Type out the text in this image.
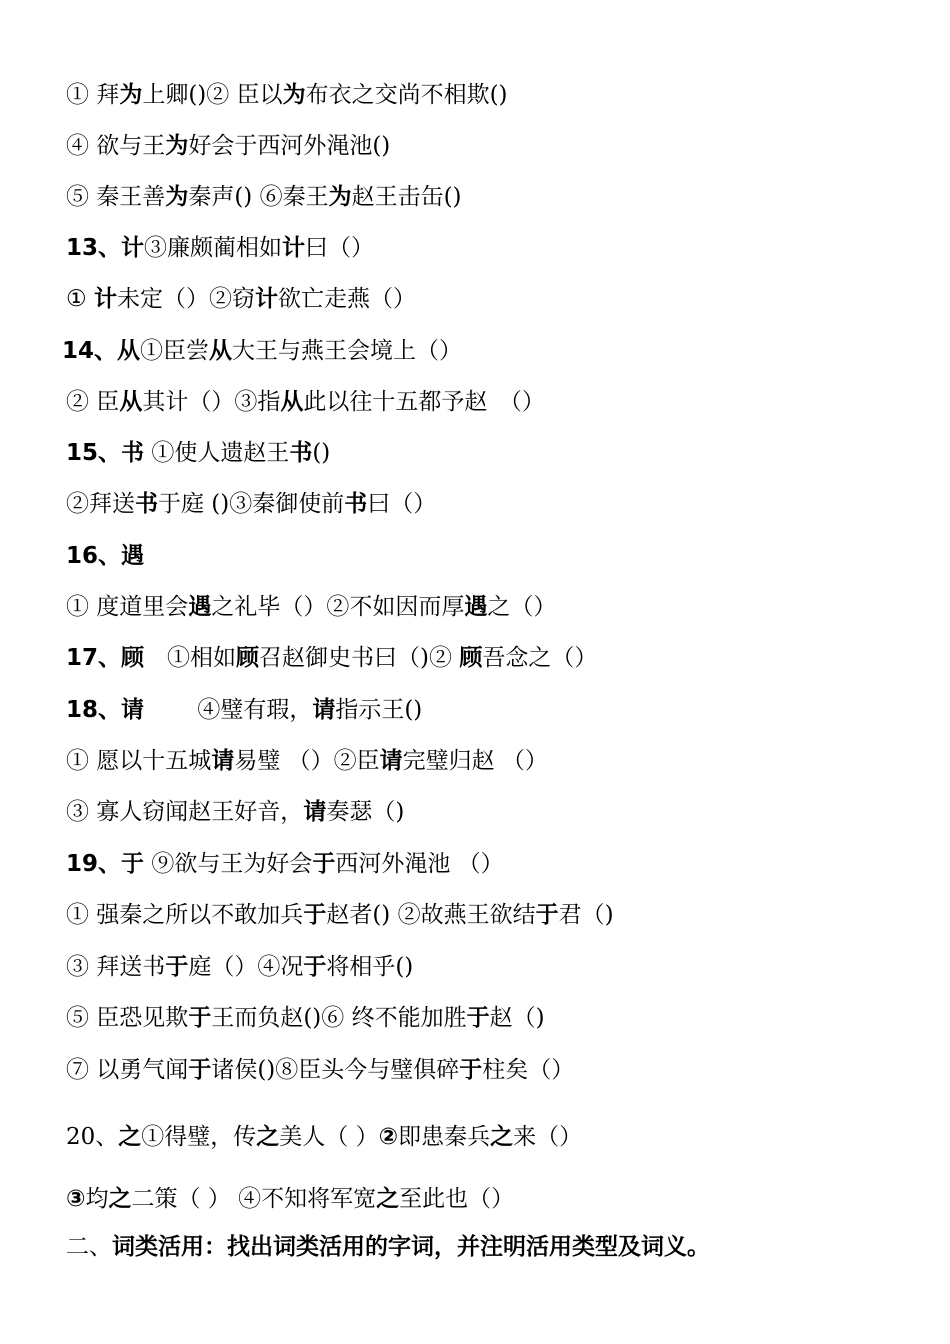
① 拜为上卿()② 臣以为布衣之交尚不相欺()
④ 欲与王为好会于西河外渑池()
⑤ 秦王善为秦声() ⑥秦王为赵王击缶()
13、计③廉颇蔺相如计曰（）
① 计未定（）②窃计欲亡走燕（）
14、从①臣尝从大王与燕王会境上（）
② 臣从其计（）③指从此以往十五都予赵　（）
15、书 ①使人遗赵王书()
②拜送书于庭 ()③秦御使前书曰（）
16、遇
① 度道里会遇之礼毕（）②不如因而厚遇之（）
17、顾　①相如顾召赵御史书曰（)② 顾吾念之（）
18、请　　 ④璧有瑕，请指示王()
① 愿以十五城请易璧 （）②臣请完璧归赵 （）
③ 寡人窃闻赵王好音，请奏瑟（)
19、于 ⑨欲与王为好会于西河外渑池 （）
① 强秦之所以不敢加兵于赵者() ②故燕王欲结于君（)
③ 拜送书于庭（）④况于将相乎()
⑤ 臣恐见欺于王而负赵()⑥ 终不能加胜于赵（)
⑦ 以勇气闻于诸侯()⑧臣头今与璧俱碎于柱矣（）
20、之①得璧，传之美人（ ）②即患秦兵之来（）
③均之二策（ ） ④不知将军宽之至此也（）
二、词类活用：找出词类活用的字词，并注明活用类型及词义。
